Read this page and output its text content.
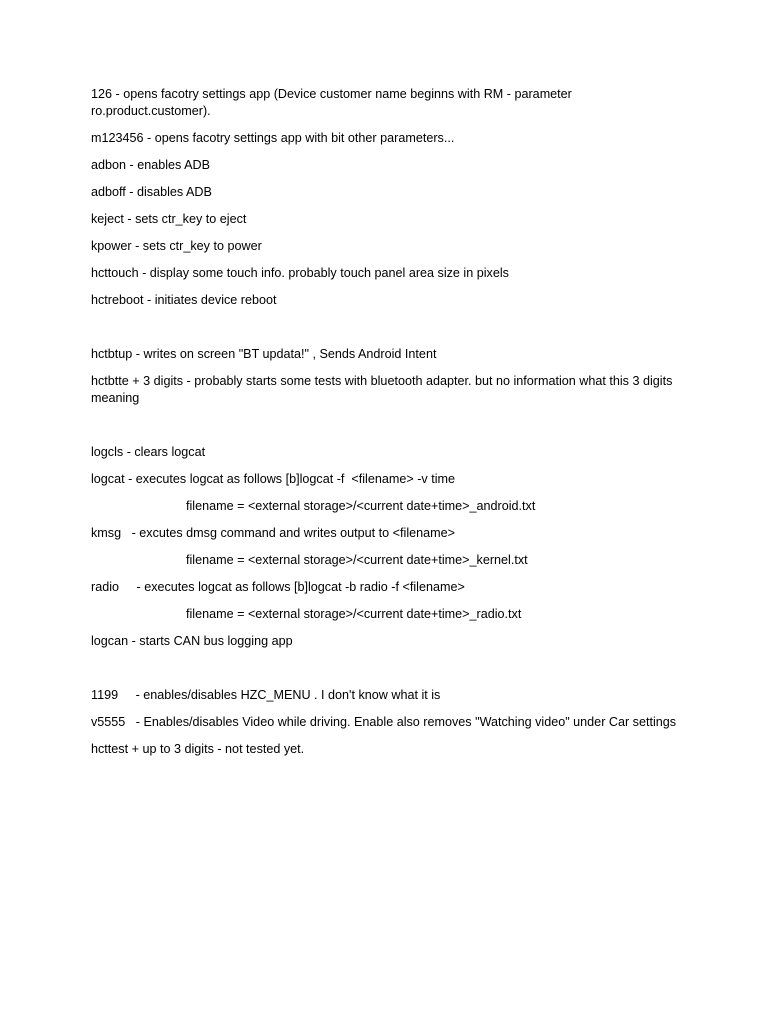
126 - opens facotry settings app (Device customer name beginns with RM - parameter ro.product.customer).

m123456 - opens facotry settings app with bit other parameters...

adbon - enables ADB

adboff - disables ADB

keject - sets ctr_key to eject

kpower - sets ctr_key to power

hcttouch - display some touch info. probably touch panel area size in pixels

hctreboot - initiates device reboot

hctbtup - writes on screen "BT updata!" , Sends Android Intent

hctbtte + 3 digits - probably starts some tests with bluetooth adapter. but no information what this 3 digits meaning

logcls - clears logcat

logcat - executes logcat as follows [b]logcat -f  <filename> -v time

filename = <external storage>/<current date+time>_android.txt

kmsg   - excutes dmsg command and writes output to <filename>

filename = <external storage>/<current date+time>_kernel.txt

radio     - executes logcat as follows [b]logcat -b radio -f <filename>

filename = <external storage>/<current date+time>_radio.txt

logcan - starts CAN bus logging app

1199     - enables/disables HZC_MENU . I don't know what it is

v5555   - Enables/disables Video while driving. Enable also removes "Watching video" under Car settings

hcttest + up to 3 digits - not tested yet.
